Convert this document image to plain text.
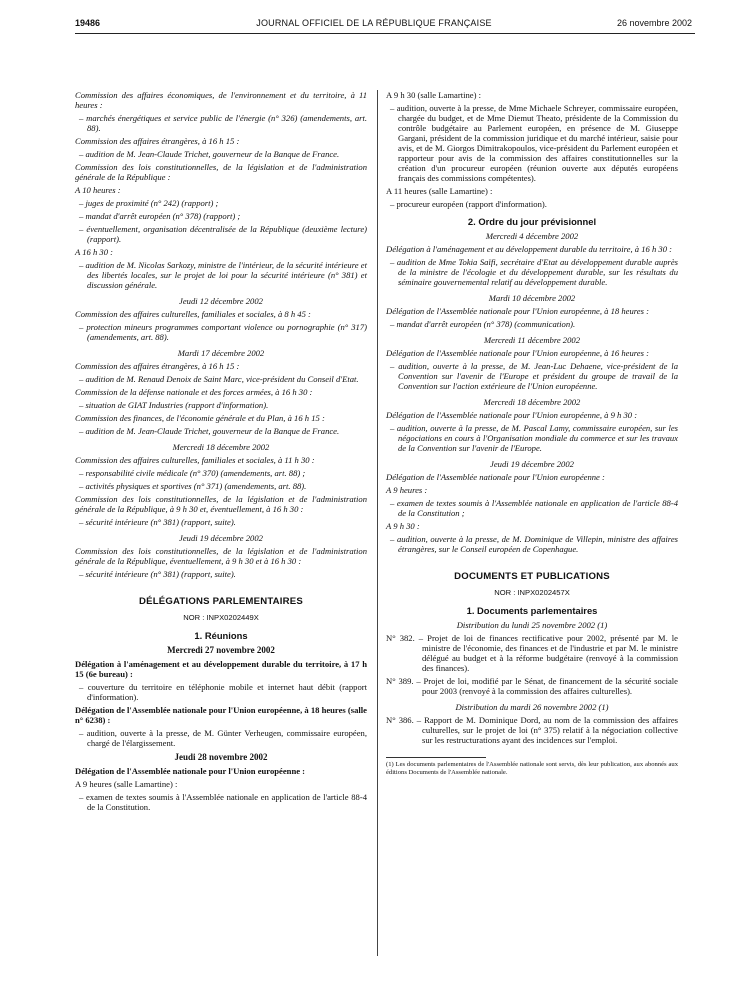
19486	JOURNAL OFFICIEL DE LA RÉPUBLIQUE FRANÇAISE	26 novembre 2002

Commission des affaires économiques, de l'environnement et du territoire, à 11 heures :

– marchés énergétiques et service public de l'énergie (n° 326) (amendements, art. 88).

Commission des affaires étrangères, à 16 h 15 :

– audition de M. Jean-Claude Trichet, gouverneur de la Banque de France.

Commission des lois constitutionnelles, de la législation et de l'administration générale de la République :

A 10 heures :

– juges de proximité (n° 242) (rapport) ;

– mandat d'arrêt européen (n° 378) (rapport) ;

– éventuellement, organisation décentralisée de la République (deuxième lecture) (rapport).

A 16 h 30 :

– audition de M. Nicolas Sarkozy, ministre de l'intérieur, de la sécurité intérieure et des libertés locales, sur le projet de loi pour la sécurité intérieure (n° 381) et discussion générale.

Jeudi 12 décembre 2002

Commission des affaires culturelles, familiales et sociales, à 8 h 45 :

– protection mineurs programmes comportant violence ou pornographie (n° 317) (amendements, art. 88).

Mardi 17 décembre 2002

Commission des affaires étrangères, à 16 h 15 :

– audition de M. Renaud Denoix de Saint Marc, vice-président du Conseil d'Etat.

Commission de la défense nationale et des forces armées, à 16 h 30 :

– situation de GIAT Industries (rapport d'information).

Commission des finances, de l'économie générale et du Plan, à 16 h 15 :

– audition de M. Jean-Claude Trichet, gouverneur de la Banque de France.

Mercredi 18 décembre 2002

Commission des affaires culturelles, familiales et sociales, à 11 h 30 :

– responsabilité civile médicale (n° 370) (amendements, art. 88) ;

– activités physiques et sportives (n° 371) (amendements, art. 88).

Commission des lois constitutionnelles, de la législation et de l'administration générale de la République, à 9 h 30 et, éventuellement, à 16 h 30 :

– sécurité intérieure (n° 381) (rapport, suite).

Jeudi 19 décembre 2002

Commission des lois constitutionnelles, de la législation et de l'administration générale de la République, éventuellement, à 9 h 30 et à 16 h 30 :

– sécurité intérieure (n° 381) (rapport, suite).

DÉLÉGATIONS PARLEMENTAIRES

NOR : INPX0202449X

1. Réunions

Mercredi 27 novembre 2002

Délégation à l'aménagement et au développement durable du territoire, à 17 h 15 (6e bureau) :

– couverture du territoire en téléphonie mobile et internet haut débit (rapport d'information).

Délégation de l'Assemblée nationale pour l'Union européenne, à 18 heures (salle n° 6238) :

– audition, ouverte à la presse, de M. Günter Verheugen, commissaire européen, chargé de l'élargissement.

Jeudi 28 novembre 2002

Délégation de l'Assemblée nationale pour l'Union européenne :

A 9 heures (salle Lamartine) :

– examen de textes soumis à l'Assemblée nationale en application de l'article 88-4 de la Constitution.

A 9 h 30 (salle Lamartine) :

– audition, ouverte à la presse, de Mme Michaele Schreyer, commissaire européen, chargée du budget, et de Mme Diemut Theato, présidente de la Commission du contrôle budgétaire au Parlement européen, en présence de M. Giuseppe Gargani, président de la commission juridique et du marché intérieur, saisie pour avis, et de M. Giorgos Dimitrakopoulos, vice-président du Parlement européen et rapporteur pour avis de la commission des affaires constitutionnelles sur la création d'un procureur européen (réunion ouverte aux députés européens français des commissions compétentes).

A 11 heures (salle Lamartine) :

– procureur européen (rapport d'information).

2. Ordre du jour prévisionnel

Mercredi 4 décembre 2002

Délégation à l'aménagement et au développement durable du territoire, à 16 h 30 :

– audition de Mme Tokia Saïfi, secrétaire d'Etat au développement durable auprès de la ministre de l'écologie et du développement durable, sur les résultats du séminaire gouvernemental relatif au développement durable.

Mardi 10 décembre 2002

Délégation de l'Assemblée nationale pour l'Union européenne, à 18 heures :

– mandat d'arrêt européen (n° 378) (communication).

Mercredi 11 décembre 2002

Délégation de l'Assemblée nationale pour l'Union européenne, à 16 heures :

– audition, ouverte à la presse, de M. Jean-Luc Dehaene, vice-président de la Convention sur l'avenir de l'Europe et président du groupe de travail de la Convention sur l'action extérieure de l'Union européenne.

Mercredi 18 décembre 2002

Délégation de l'Assemblée nationale pour l'Union européenne, à 9 h 30 :

– audition, ouverte à la presse, de M. Pascal Lamy, commissaire européen, sur les négociations en cours à l'Organisation mondiale du commerce et sur les travaux de la Convention sur l'avenir de l'Europe.

Jeudi 19 décembre 2002

Délégation de l'Assemblée nationale pour l'Union européenne :

A 9 heures :

– examen de textes soumis à l'Assemblée nationale en application de l'article 88-4 de la Constitution ;

A 9 h 30 :

– audition, ouverte à la presse, de M. Dominique de Villepin, ministre des affaires étrangères, sur le Conseil européen de Copenhague.

DOCUMENTS ET PUBLICATIONS

NOR : INPX0202457X

1. Documents parlementaires

Distribution du lundi 25 novembre 2002 (1)

N° 382. – Projet de loi de finances rectificative pour 2002, présenté par M. le ministre de l'économie, des finances et de l'industrie et par M. le ministre délégué au budget et à la réforme budgétaire (renvoyé à la commission des finances).

N° 389. – Projet de loi, modifié par le Sénat, de financement de la sécurité sociale pour 2003 (renvoyé à la commission des affaires culturelles).

Distribution du mardi 26 novembre 2002 (1)

N° 386. – Rapport de M. Dominique Dord, au nom de la commission des affaires culturelles, sur le projet de loi (n° 375) relatif à la négociation collective sur les restructurations ayant des incidences sur l'emploi.

(1) Les documents parlementaires de l'Assemblée nationale sont servis, dès leur publication, aux abonnés aux éditions Documents de l'Assemblée nationale.
